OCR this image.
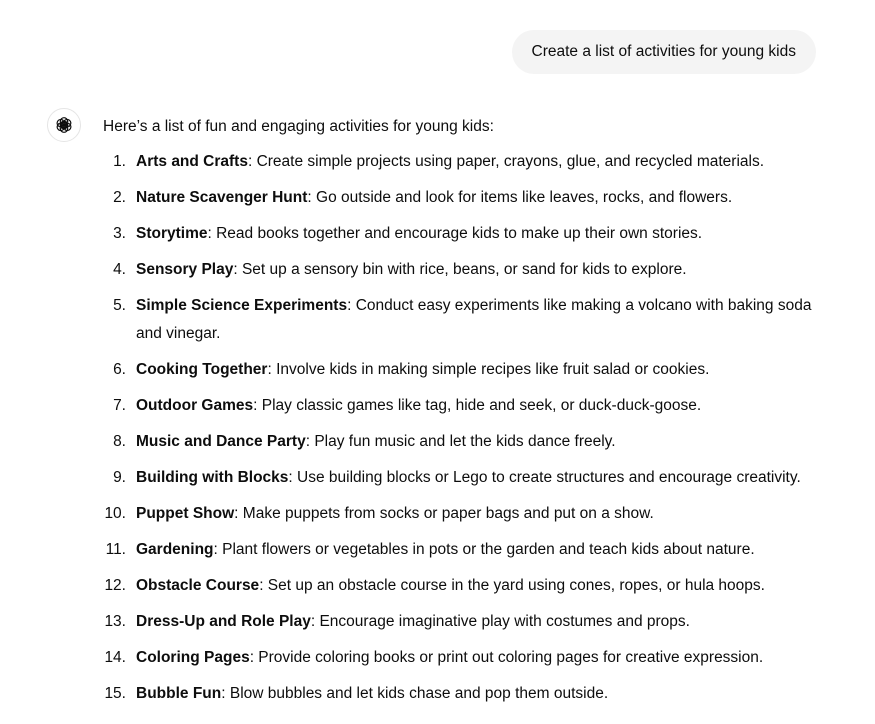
Create a list of activities for young kids

Here’s a list of fun and engaging activities for young kids:

1. Arts and Crafts: Create simple projects using paper, crayons, glue, and recycled materials.
2. Nature Scavenger Hunt: Go outside and look for items like leaves, rocks, and flowers.
3. Storytime: Read books together and encourage kids to make up their own stories.
4. Sensory Play: Set up a sensory bin with rice, beans, or sand for kids to explore.
5. Simple Science Experiments: Conduct easy experiments like making a volcano with baking soda and vinegar.
6. Cooking Together: Involve kids in making simple recipes like fruit salad or cookies.
7. Outdoor Games: Play classic games like tag, hide and seek, or duck-duck-goose.
8. Music and Dance Party: Play fun music and let the kids dance freely.
9. Building with Blocks: Use building blocks or Lego to create structures and encourage creativity.
10. Puppet Show: Make puppets from socks or paper bags and put on a show.
11. Gardening: Plant flowers or vegetables in pots or the garden and teach kids about nature.
12. Obstacle Course: Set up an obstacle course in the yard using cones, ropes, or hula hoops.
13. Dress-Up and Role Play: Encourage imaginative play with costumes and props.
14. Coloring Pages: Provide coloring books or print out coloring pages for creative expression.
15. Bubble Fun: Blow bubbles and let kids chase and pop them outside.
